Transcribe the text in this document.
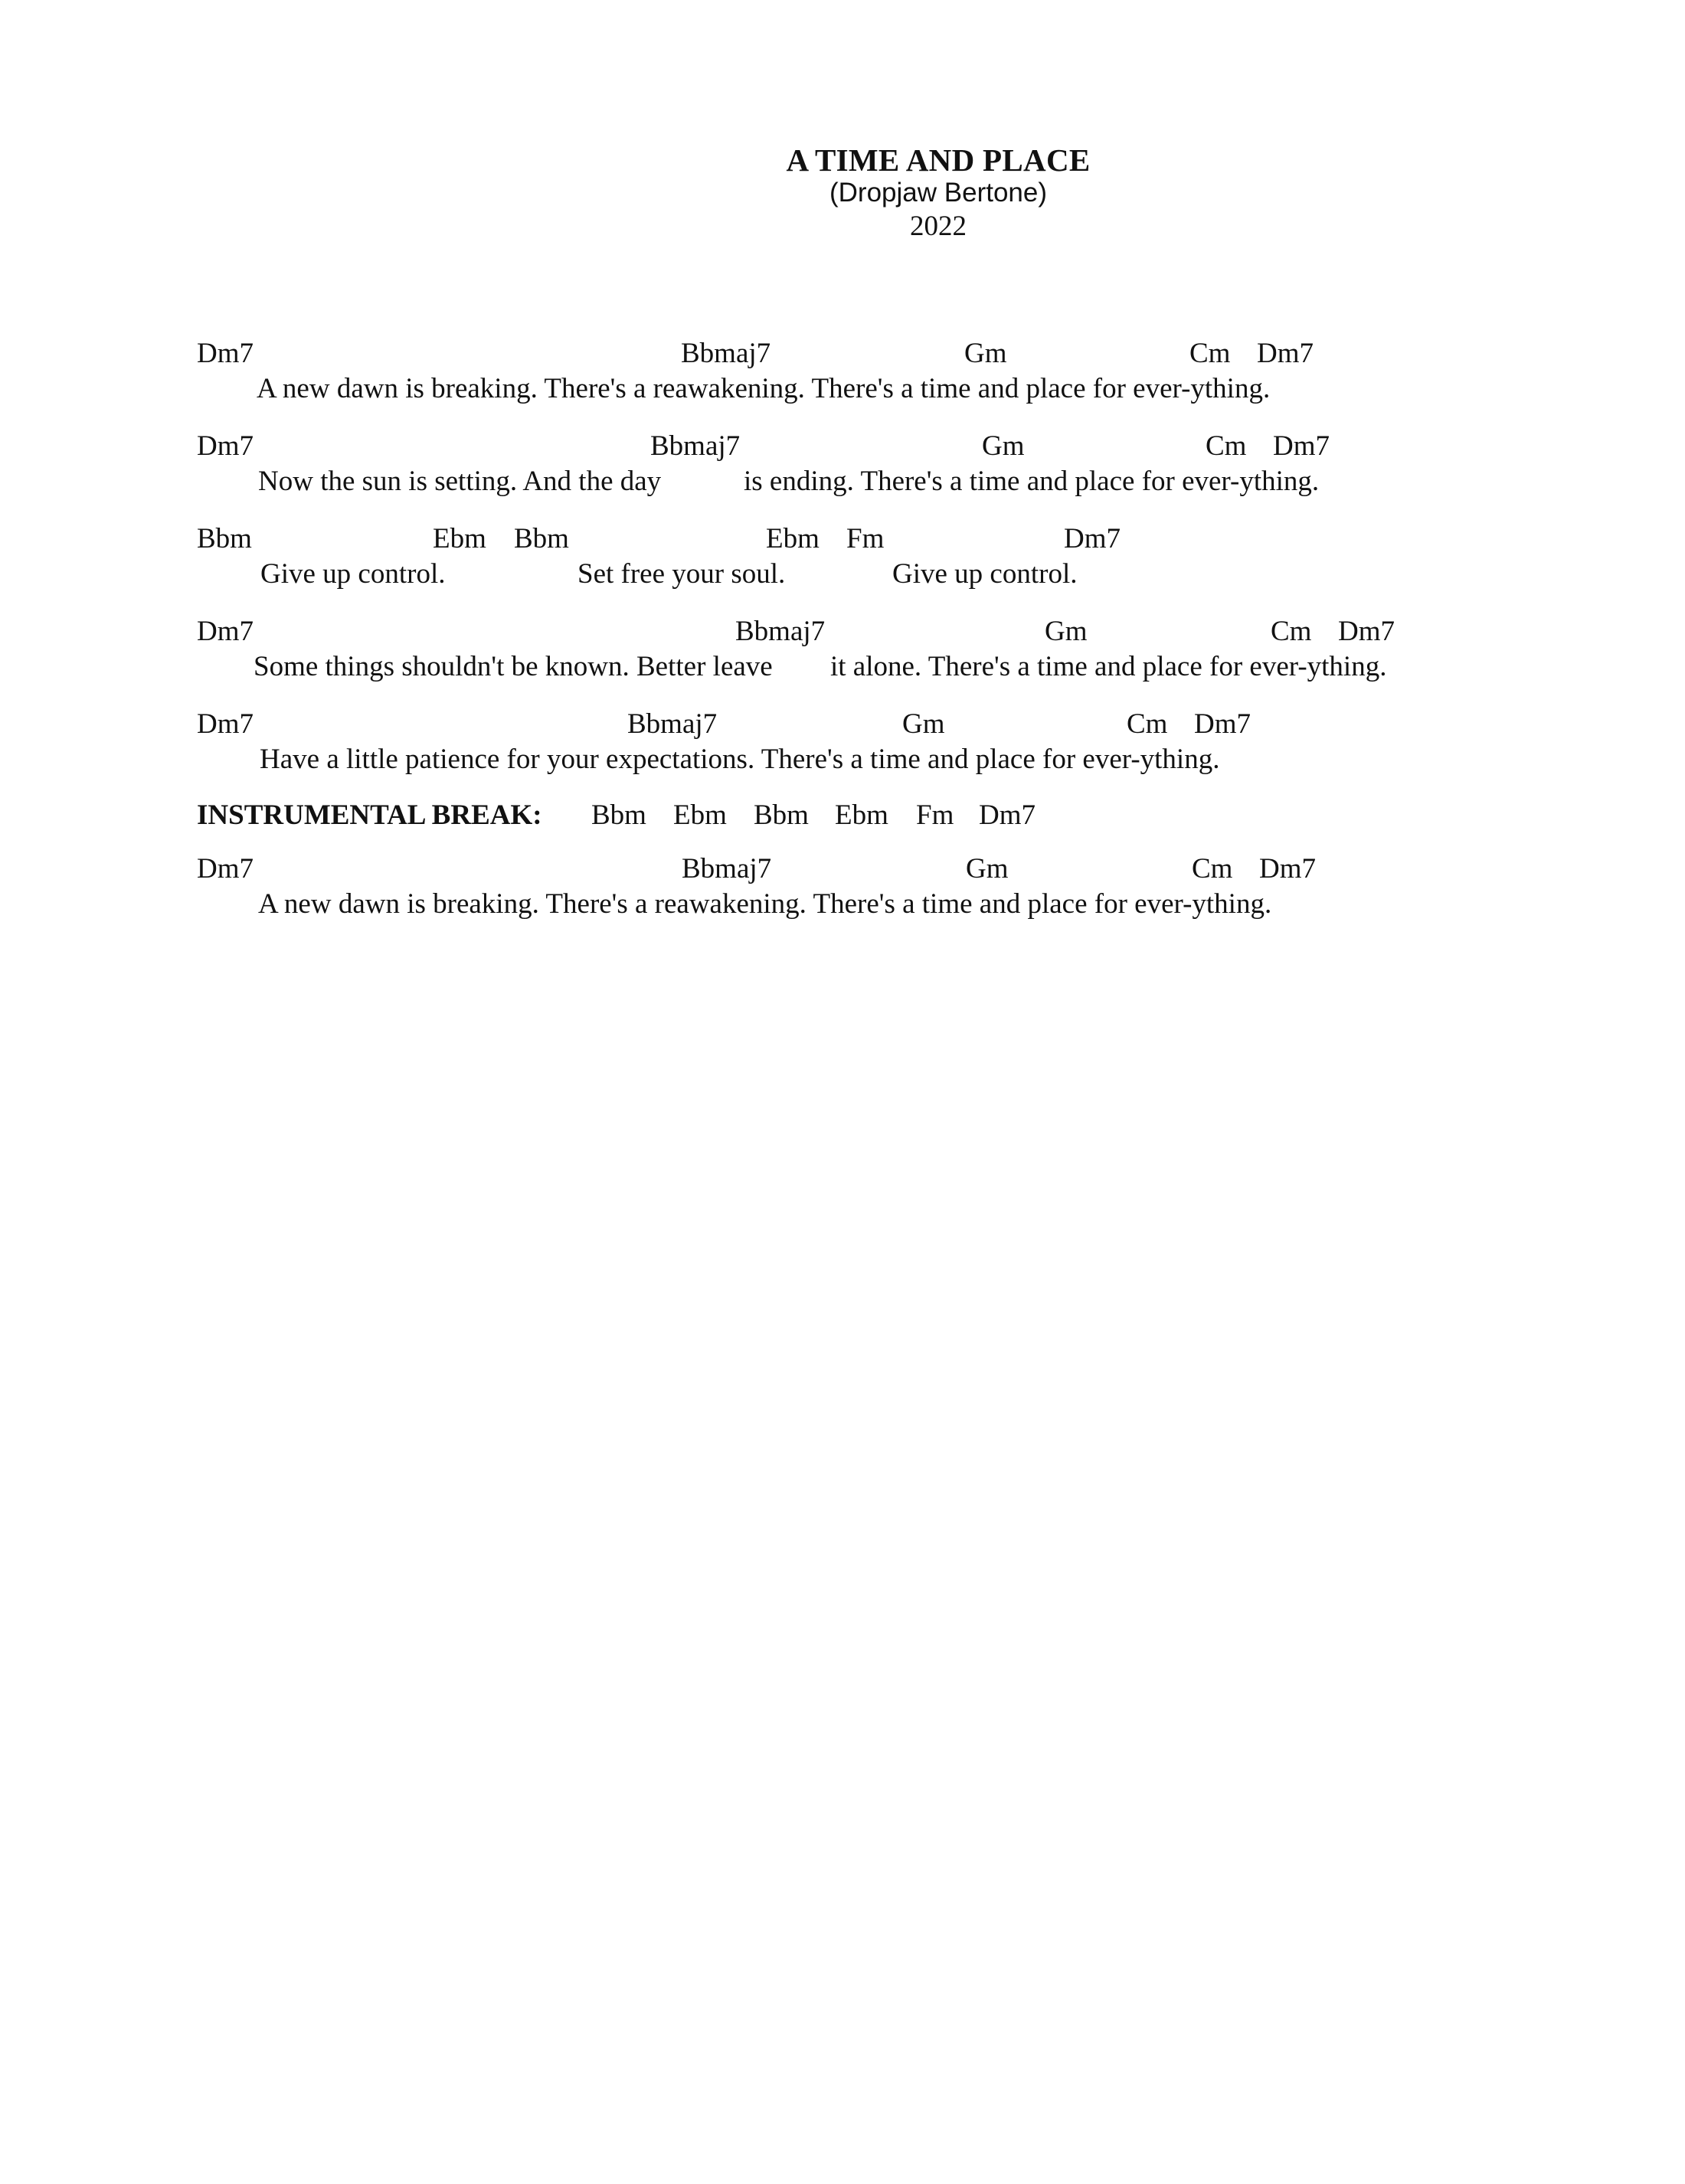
A TIME AND PLACE
(Dropjaw Bertone)
2022
Dm7	Bbmaj7	Gm	Cm Dm7
A new dawn is breaking. There's a reawakening. There's a time and place for ever-ything.
Dm7	Bbmaj7	Gm	Cm Dm7
Now the sun is setting. And the day	is ending. There's a time and place for ever-ything.
Bbm	Ebm Bbm	Ebm Fm	Dm7
Give up control.	Set free your soul.	Give up control.
Dm7	Bbmaj7	Gm	Cm Dm7
Some things shouldn't be known. Better leave it alone. There's a time and place for ever-ything.
Dm7	Bbmaj7	Gm	Cm Dm7
Have a little patience for your expectations. There's a time and place for ever-ything.
INSTRUMENTAL BREAK: Bbm Ebm Bbm Ebm Fm Dm7
Dm7	Bbmaj7	Gm	Cm Dm7
A new dawn is breaking. There's a reawakening. There's a time and place for ever-ything.
